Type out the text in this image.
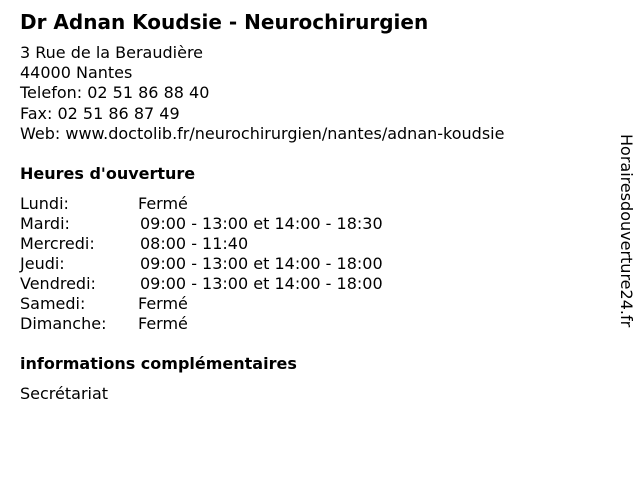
Dr Adnan Koudsie - Neurochirurgien
3 Rue de la Beraudière
44000 Nantes
Telefon: 02 51 86 88 40
Fax: 02 51 86 87 49
Web: www.doctolib.fr/neurochirurgien/nantes/adnan-koudsie
Heures d'ouverture
Lundi:	Fermé
Mardi:	09:00 - 13:00 et 14:00 - 18:30
Mercredi:	08:00 - 11:40
Jeudi:	09:00 - 13:00 et 14:00 - 18:00
Vendredi:	09:00 - 13:00 et 14:00 - 18:00
Samedi:	Fermé
Dimanche: Fermé
informations complémentaires
Secrétariat
Horairesdouverture24.fr
